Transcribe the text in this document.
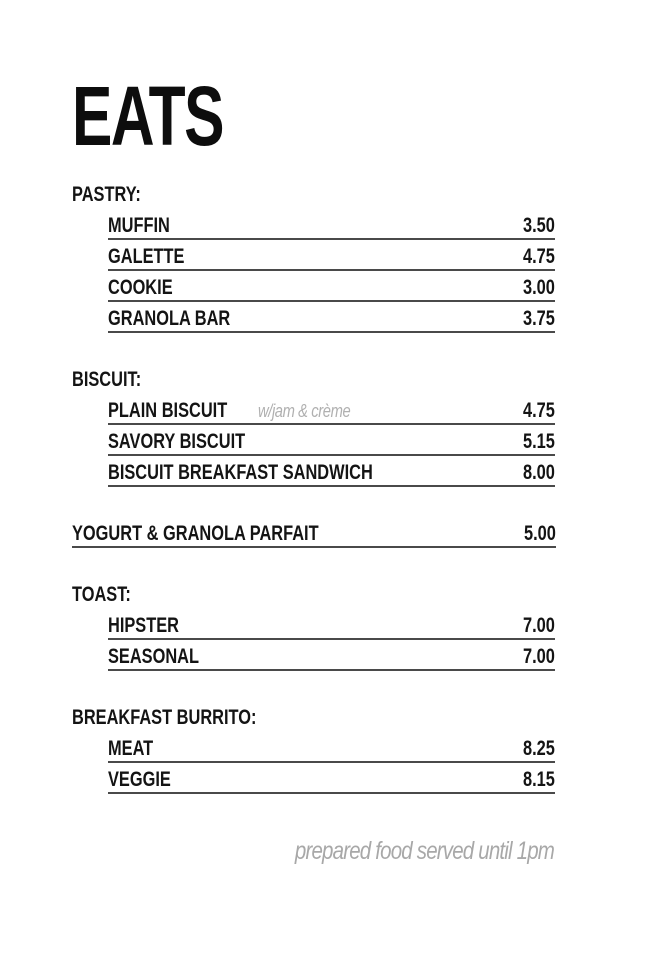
EATS
PASTRY:
MUFFIN	3.50
GALETTE	4.75
COOKIE	3.00
GRANOLA BAR	3.75
BISCUIT:
PLAIN BISCUIT w/jam & crème	4.75
SAVORY BISCUIT	5.15
BISCUIT BREAKFAST SANDWICH	8.00
YOGURT & GRANOLA PARFAIT	5.00
TOAST:
HIPSTER	7.00
SEASONAL	7.00
BREAKFAST BURRITO:
MEAT	8.25
VEGGIE	8.15
prepared food served until 1pm
